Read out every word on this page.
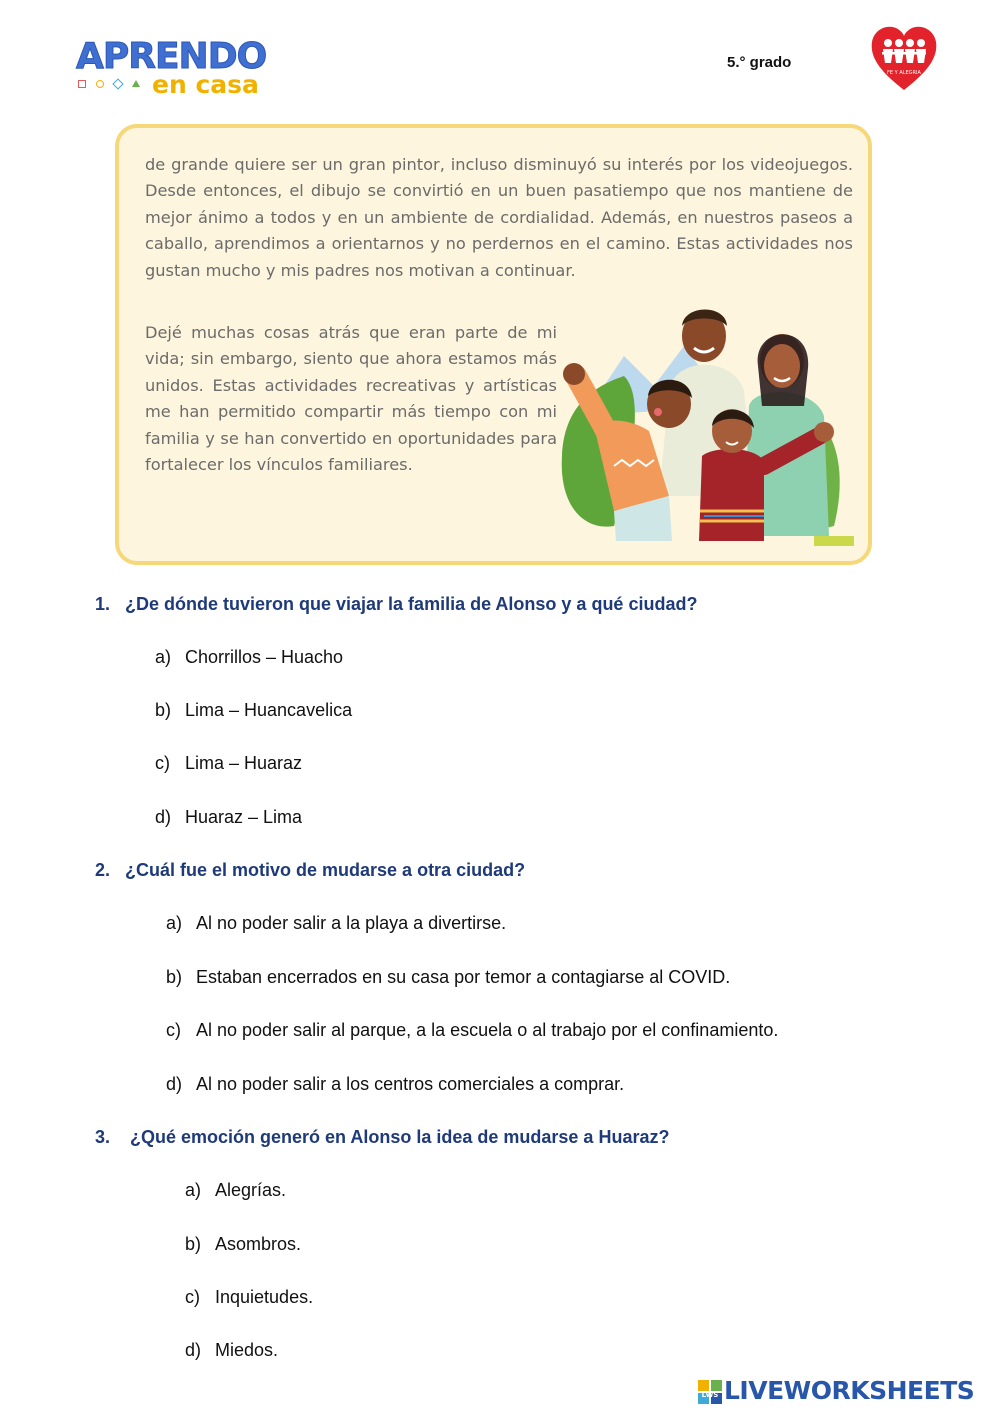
APRENDO
en casa
5.° grado
FE Y ALEGRIA

de grande quiere ser un gran pintor, incluso disminuyó su interés por los videojuegos. Desde entonces, el dibujo se convirtió en un buen pasatiempo que nos mantiene de mejor ánimo a todos y en un ambiente de cordialidad. Además, en nuestros paseos a caballo, aprendimos a orientarnos y no perdernos en el camino. Estas actividades nos gustan mucho y mis padres nos motivan a continuar.

Dejé muchas cosas atrás que eran parte de mi vida; sin embargo, siento que ahora estamos más unidos. Estas actividades recreativas y artísticas me han permitido compartir más tiempo con mi familia y se han convertido en oportunidades para fortalecer los vínculos familiares.

1. ¿De dónde tuvieron que viajar la familia de Alonso y a qué ciudad?
a) Chorrillos – Huacho
b) Lima – Huancavelica
c) Lima – Huaraz
d) Huaraz – Lima
2. ¿Cuál fue el motivo de mudarse a otra ciudad?
a) Al no poder salir a la playa a divertirse.
b) Estaban encerrados en su casa por temor a contagiarse al COVID.
c) Al no poder salir al parque, a la escuela o al trabajo por el confinamiento.
d) Al no poder salir a los centros comerciales a comprar.
3. ¿Qué emoción generó en Alonso la idea de mudarse a Huaraz?
a) Alegrías.
b) Asombros.
c) Inquietudes.
d) Miedos.
LWS LIVEWORKSHEETS
